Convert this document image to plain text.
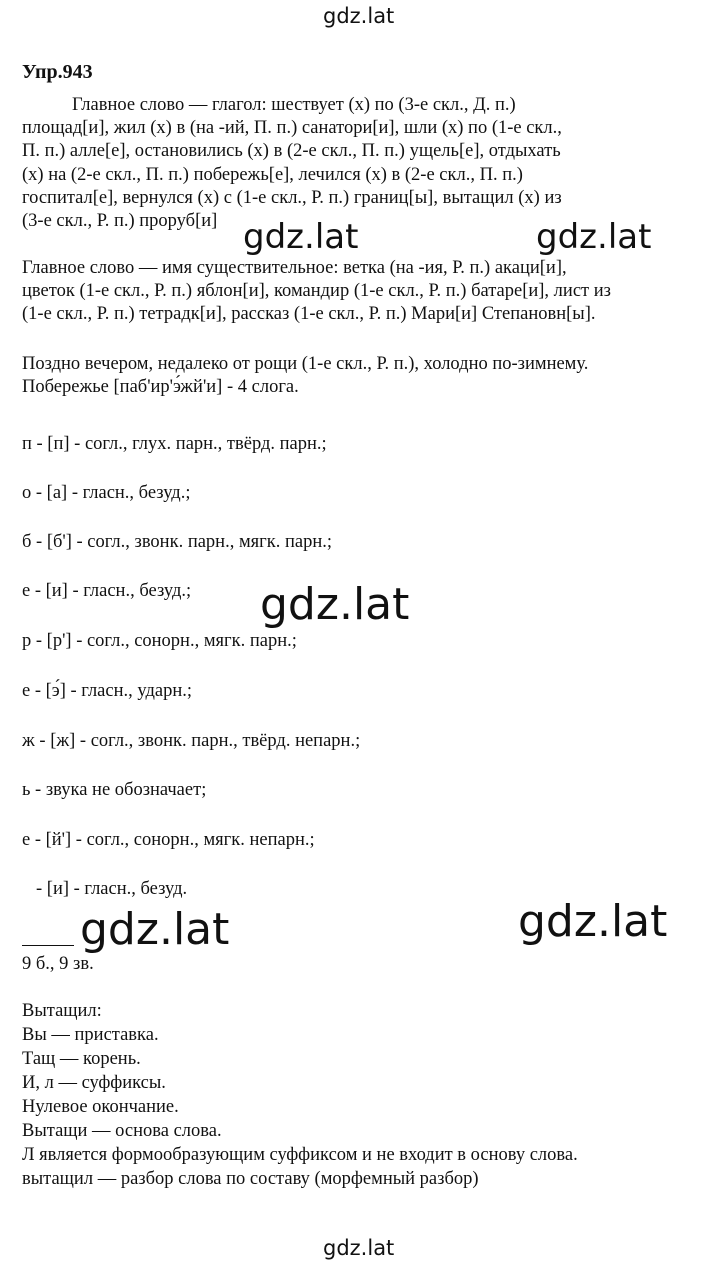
gdz.lat
gdz.lat	gdz.lat
gdz.lat
gdz.lat	gdz.lat
gdz.lat
Упр.943
Главное слово — глагол: шествует (х) по (3-е скл., Д. п.)
площад[и], жил (х) в (на -ий, П. п.) санатори[и], шли (х) по (1-е скл.,
П. п.) алле[е], остановились (х) в (2-е скл., П. п.) ущель[е], отдыхать
(х) на (2-е скл., П. п.) побережь[е], лечился (х) в (2-е скл., П. п.)
госпитал[е], вернулся (х) с (1-е скл., Р. п.) границ[ы], вытащил (х) из
(3-е скл., Р. п.) проруб[и]
Главное слово — имя существительное: ветка (на -ия, Р. п.) акаци[и],
цветок (1-е скл., Р. п.) яблон[и], командир (1-е скл., Р. п.) батаре[и], лист из
(1-е скл., Р. п.) тетрадк[и], рассказ (1-е скл., Р. п.) Мари[и] Степановн[ы].
Поздно вечером, недалеко от рощи (1-е скл., Р. п.), холодно по-зимнему.
Побережье [паб'ир'э́жй'и] - 4 слога.
п - [п] - согл., глух. парн., твёрд. парн.;
о - [а] - гласн., безуд.;
б - [б'] - согл., звонк. парн., мягк. парн.;
е - [и] - гласн., безуд.;
р - [р'] - согл., сонорн., мягк. парн.;
е - [э́] - гласн., ударн.;
ж - [ж] - согл., звонк. парн., твёрд. непарн.;
ь - звука не обозначает;
е - [й'] - согл., сонорн., мягк. непарн.;
- [и] - гласн., безуд.
9 б., 9 зв.
Вытащил:
Вы — приставка.
Тащ — корень.
И, л — суффиксы.
Нулевое окончание.
Вытащи — основа слова.
Л является формообразующим суффиксом и не входит в основу слова.
вытащил — разбор слова по составу (морфемный разбор)
